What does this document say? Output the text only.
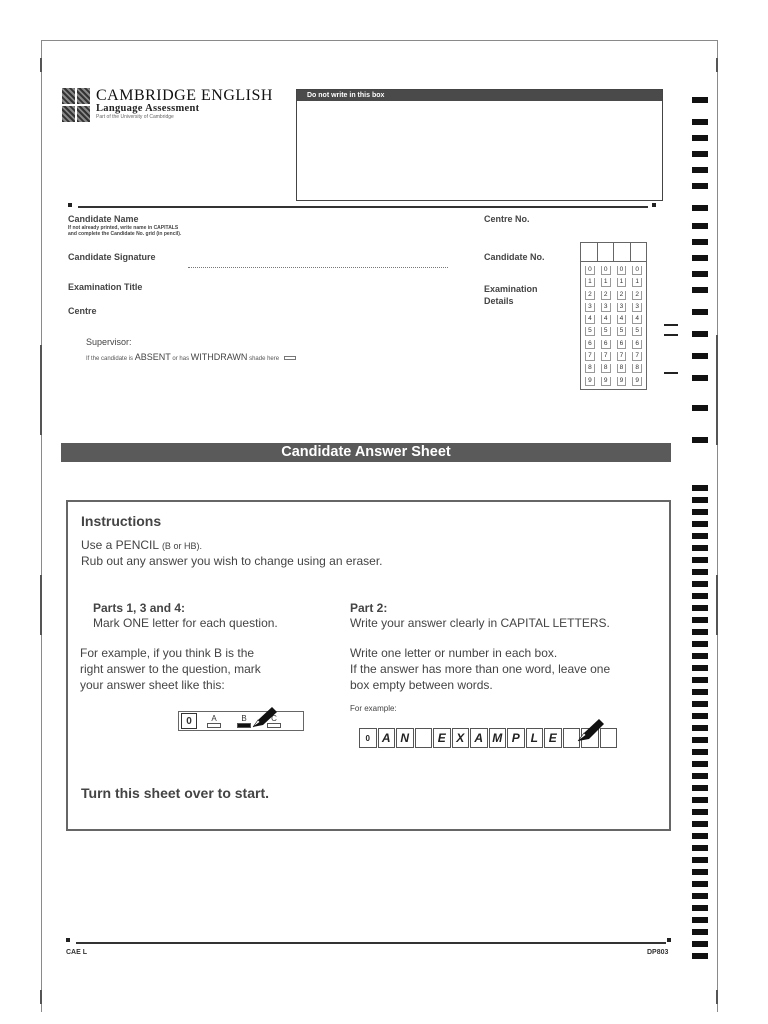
CAMBRIDGE ENGLISH
Language Assessment
Part of the University of Cambridge
Do not write in this box
Candidate Name
If not already printed, write name in CAPITALS and complete the Candidate No. grid (in pencil).
Candidate Signature
Examination Title
Centre
Supervisor:
If the candidate is ABSENT or has WITHDRAWN shade here
Centre No.
Candidate No.
Examination
Details
0	0	0	0
1	1	1	1
2	2	2	2
3	3	3	3
4	4	4	4
5	5	5	5
6	6	6	6
7	7	7	7
8	8	8	8
9	9	9	9
Candidate Answer Sheet
Instructions
Use a PENCIL (B or HB).
Rub out any answer you wish to change using an eraser.
Parts 1, 3 and 4:
Mark ONE letter for each question.
For example, if you think B is the
right answer to the question, mark
your answer sheet like this:
0	A	B	C
Part 2:
Write your answer clearly in CAPITAL LETTERS.
Write one letter or number in each box.
If the answer has more than one word, leave one
box empty between words.
For example:
0 A N	E X A M P L E
Turn this sheet over to start.
CAE L	DP803
